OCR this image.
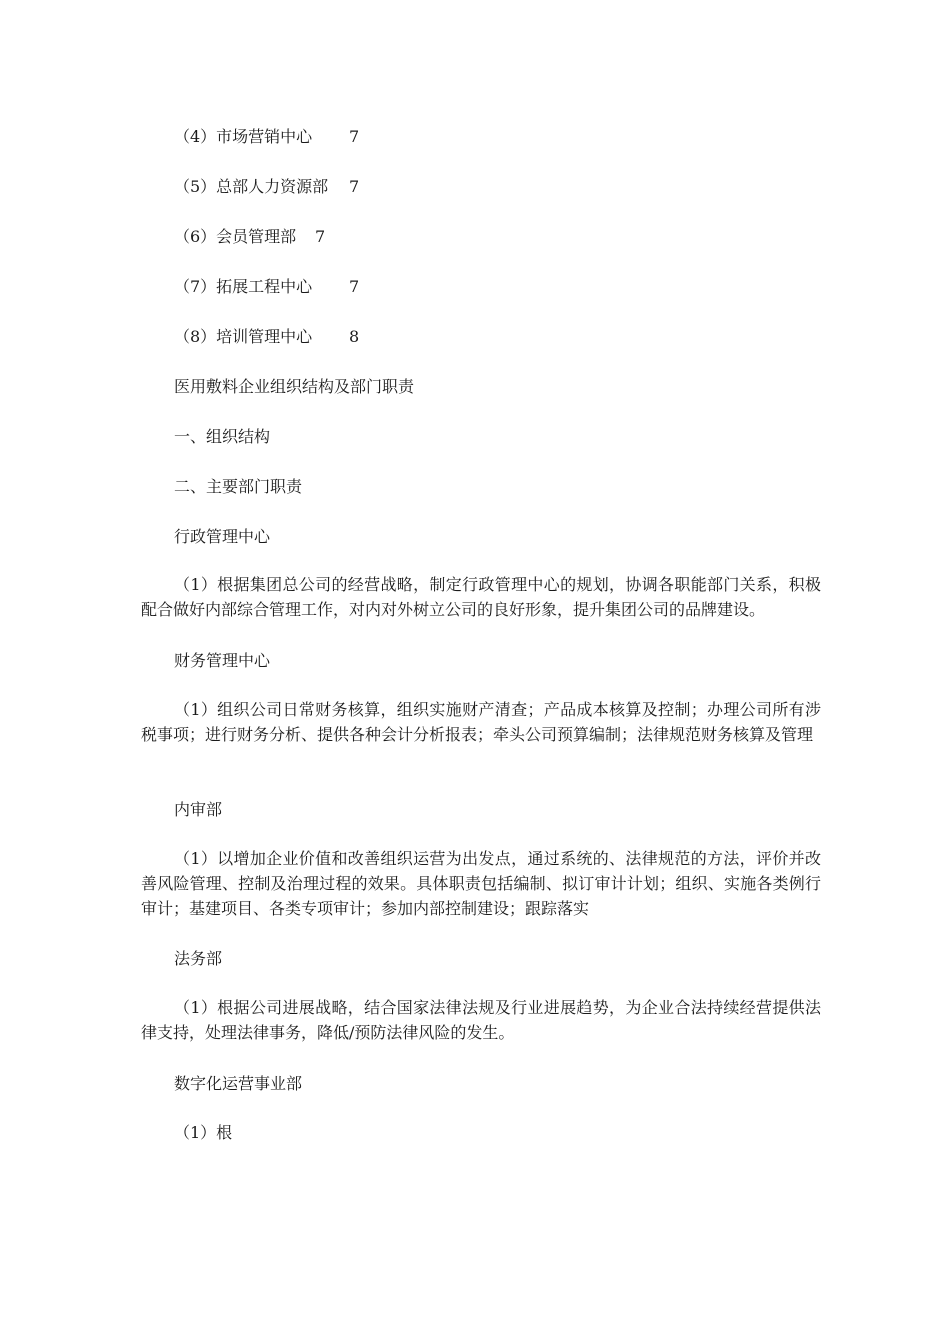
（4）市场营销中心 7
（5）总部人力资源部 7
（6）会员管理部 7
（7）拓展工程中心 7
（8）培训管理中心 8
医用敷料企业组织结构及部门职责
一、组织结构
二、主要部门职责
行政管理中心
（1）根据集团总公司的经营战略，制定行政管理中心的规划，协调各职能部门关系，积极配合做好内部综合管理工作，对内对外树立公司的良好形象，提升集团公司的品牌建设。
财务管理中心
（1）组织公司日常财务核算，组织实施财产清查；产品成本核算及控制；办理公司所有涉税事项；进行财务分析、提供各种会计分析报表；牵头公司预算编制；法律规范财务核算及管理
内审部
（1）以增加企业价值和改善组织运营为出发点，通过系统的、法律规范的方法，评价并改善风险管理、控制及治理过程的效果。具体职责包括编制、拟订审计计划；组织、实施各类例行审计；基建项目、各类专项审计；参加内部控制建设；跟踪落实
法务部
（1）根据公司进展战略，结合国家法律法规及行业进展趋势，为企业合法持续经营提供法律支持，处理法律事务，降低/预防法律风险的发生。
数字化运营事业部
（1）根
